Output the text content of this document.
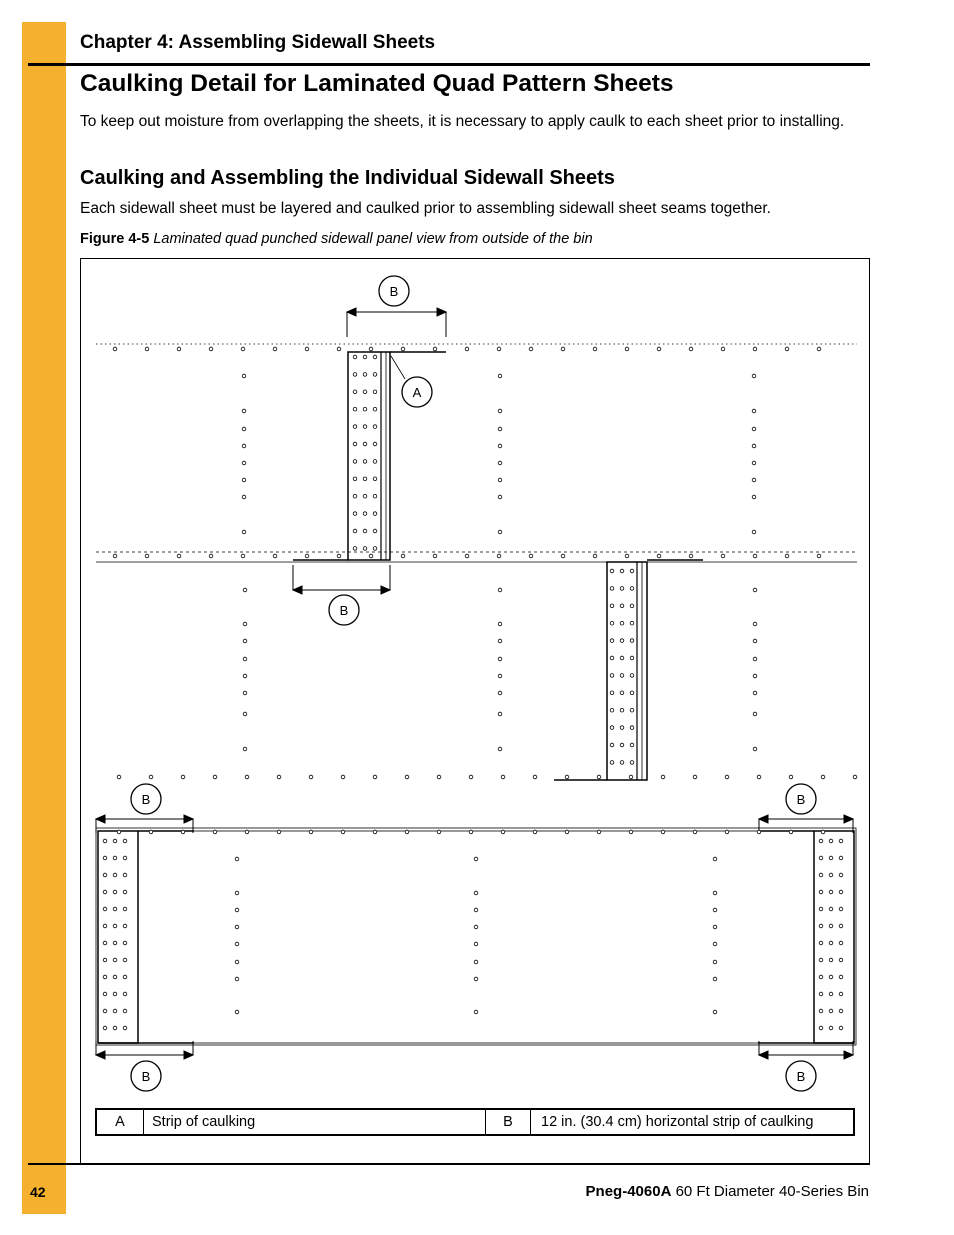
Chapter 4: Assembling Sidewall Sheets
Caulking Detail for Laminated Quad Pattern Sheets
To keep out moisture from overlapping the sheets, it is necessary to apply caulk to each sheet prior to installing.
Caulking and Assembling the Individual Sidewall Sheets
Each sidewall sheet must be layered and caulked prior to assembling sidewall sheet seams together.
Figure 4-5 Laminated quad punched sidewall panel view from outside of the bin
B
A
B
B	B
B	B
A	Strip of caulking	B	12 in. (30.4 cm) horizontal strip of caulking
42	Pneg-4060A 60 Ft Diameter 40-Series Bin
